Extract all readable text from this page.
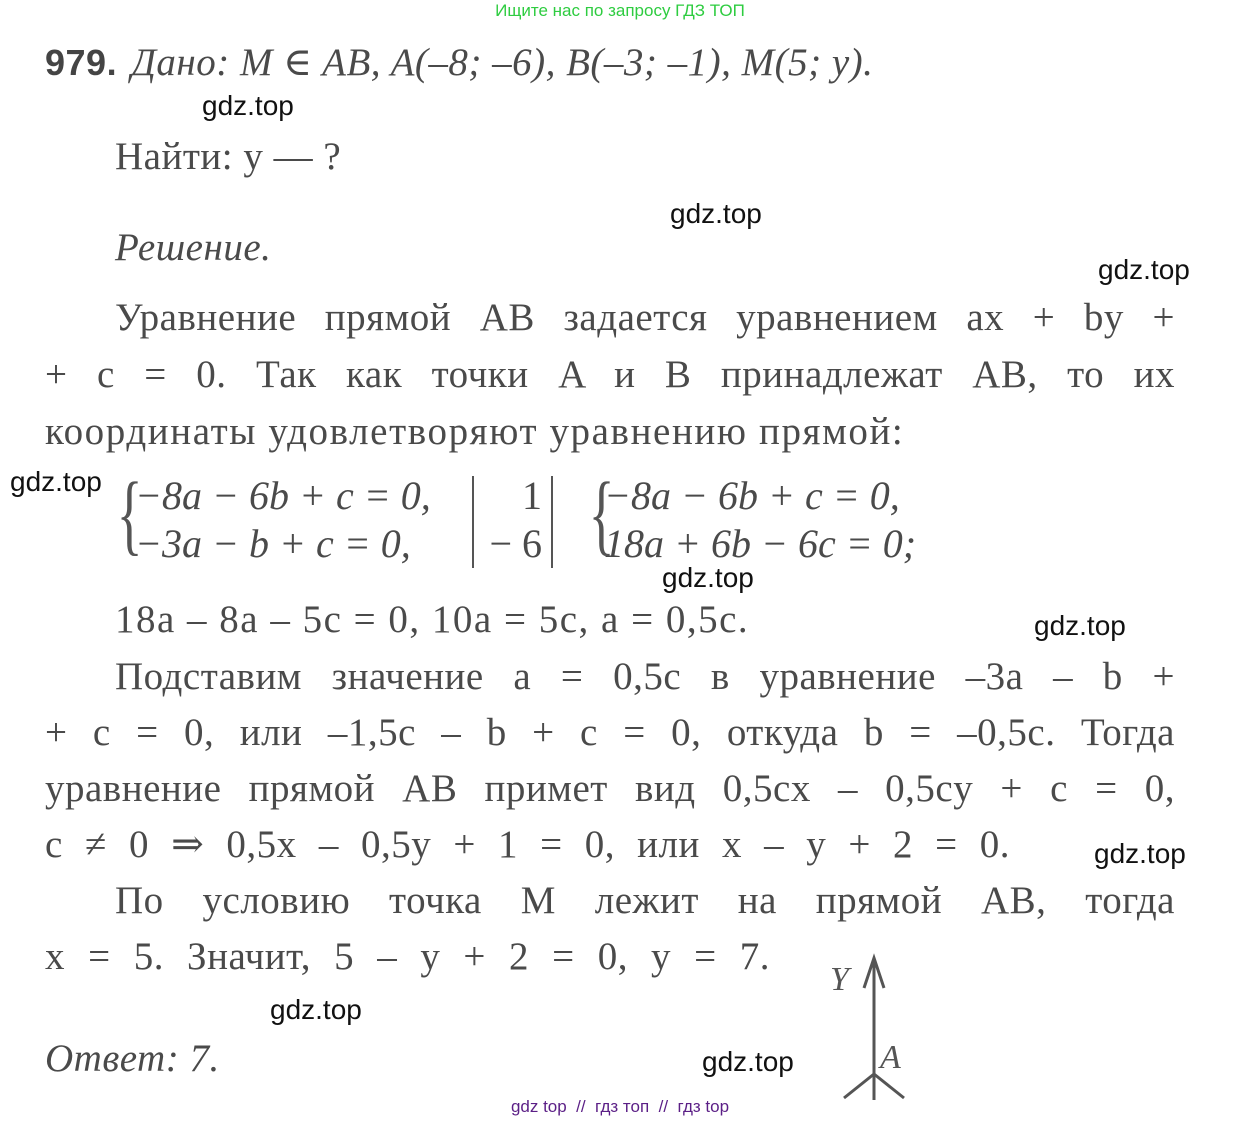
Ищите нас по запросу ГДЗ ТОП
979. Дано: M ∈ AB, A(–8; –6), B(–3; –1), M(5; y).
Найти: y — ?
Решение.
Уравнение прямой AB задается уравнением ax + by +
+ c = 0. Так как точки A и B принадлежат AB, то их
координаты удовлетворяют уравнению прямой:
{
−8a − 6b + c = 0,
−3a − b + c = 0,
1
− 6 {
−8a − 6b + c = 0,
18a + 6b − 6c = 0;
18a – 8a – 5c = 0, 10a = 5c, a = 0,5c.
Подставим значение a = 0,5c в уравнение –3a – b +
+ c = 0, или –1,5c – b + c = 0, откуда b = –0,5c. Тогда
уравнение прямой AB примет вид 0,5cx – 0,5cy + c = 0,
c ≠ 0 ⇒ 0,5x – 0,5y + 1 = 0, или x – y + 2 = 0.
По условию точка M лежит на прямой AB, тогда
x = 5. Значит, 5 – y + 2 = 0, y = 7.
Ответ: 7.
Y
A
gdz.top
gdz.top
gdz.top
gdz.top
gdz.top
gdz.top
gdz.top
gdz.top
gdz.top
gdz top  //  гдз топ  //  гдз top
